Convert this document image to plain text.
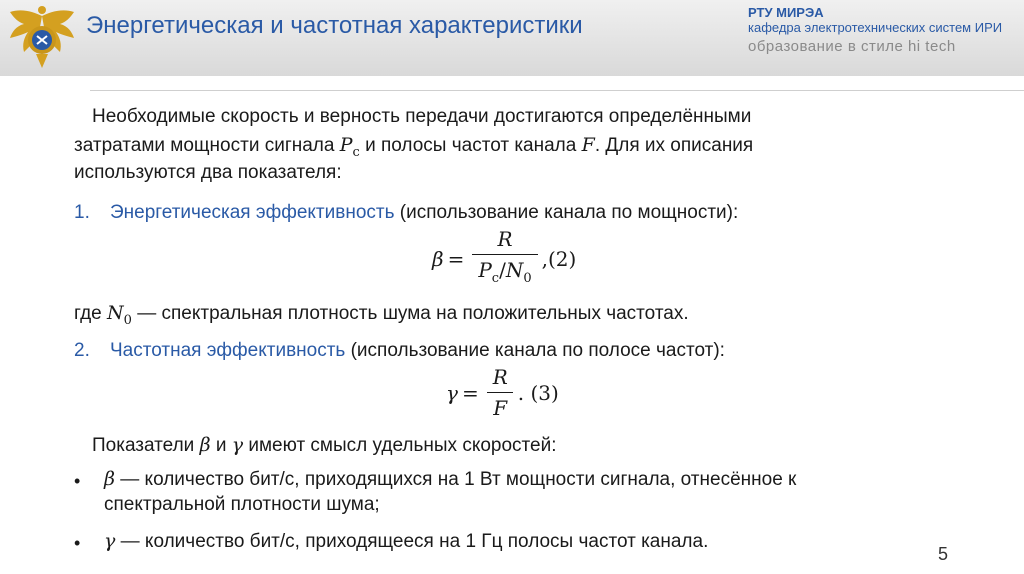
Энергетическая и частотная характеристики	РТУ МИРЭА
кафедра электротехнических систем ИРИ
образование в стиле hi tech
Необходимые скорость и верность передачи достигаются определёнными
затратами мощности сигнала $P_c$ и полосы частот канала F. Для их описания
используются два показателя:
1. Энергетическая эффективность (использование канала по мощности):
$\beta = \frac{R}{P_c/N_0} ,(2)$
где $N_0$ — спектральная плотность шума на положительных частотах.
2. Частотная эффективность (использование канала по полосе частот):
$\gamma = \frac{R}{F}$ . (3)
Показатели β и γ имеют смысл удельных скоростей:
• β — количество бит/с, приходящихся на 1 Вт мощности сигнала, отнесённое к
спектральной плотности шума;
• γ — количество бит/с, приходящееся на 1 Гц полосы частот канала.
5
